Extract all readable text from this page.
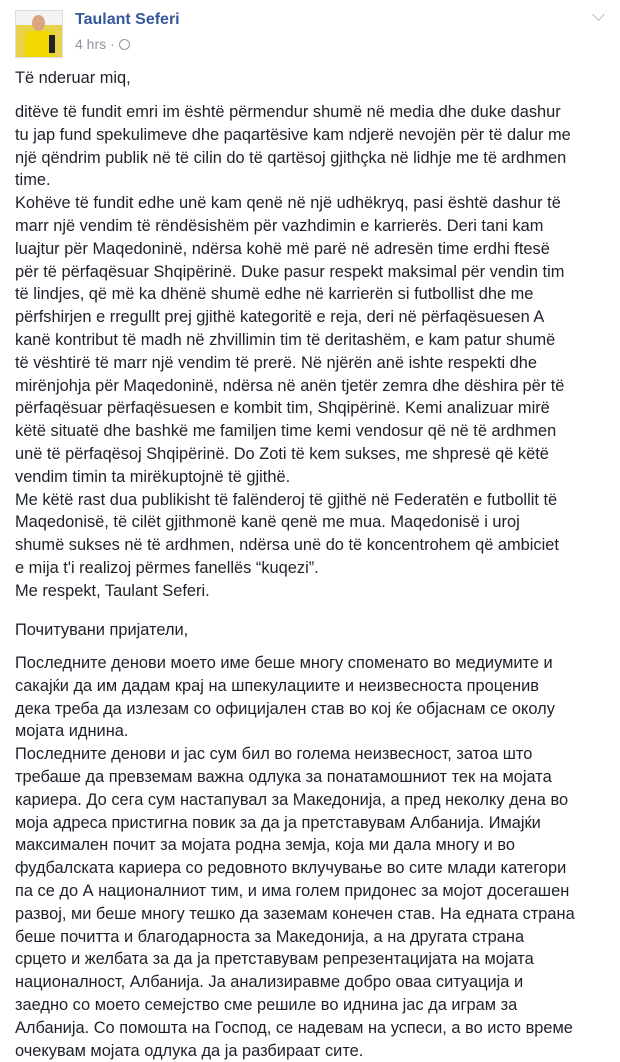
Taulant Seferi
4 hrs ·
Të nderuar miq,
ditëve të fundit emri im është përmendur shumë në media dhe duke dashur
tu jap fund spekulimeve dhe paqartësive kam ndjerë nevojën për të dalur me
një qëndrim publik në të cilin do të qartësoj gjithçka në lidhje me të ardhmen
time.
Kohëve të fundit edhe unë kam qenë në një udhëkryq, pasi është dashur të
marr një vendim të rëndësishëm për vazhdimin e karrierës. Deri tani kam
luajtur për Maqedoninë, ndërsa kohë më parë në adresën time erdhi ftesë
për të përfaqësuar Shqipërinë. Duke pasur respekt maksimal për vendin tim
të lindjes, që më ka dhënë shumë edhe në karrierën si futbollist dhe me
përfshirjen e rregullt prej gjithë kategoritë e reja, deri në përfaqësuesen A
kanë kontribut të madh në zhvillimin tim të deritashëm, e kam patur shumë
të vështirë të marr një vendim të prerë. Në njërën anë ishte respekti dhe
mirënjohja për Maqedoninë, ndërsa në anën tjetër zemra dhe dëshira për të
përfaqësuar përfaqësuesen e kombit tim, Shqipërinë. Kemi analizuar mirë
këtë situatë dhe bashkë me familjen time kemi vendosur që në të ardhmen
unë të përfaqësoj Shqipërinë. Do Zoti të kem sukses, me shpresë që këtë
vendim timin ta mirëkuptojnë të gjithë.
Me këtë rast dua publikisht të falënderoj të gjithë në Federatën e futbollit të
Maqedonisë, të cilët gjithmonë kanë qenë me mua. Maqedonisë i uroj
shumë sukses në të ardhmen, ndërsa unë do të koncentrohem që ambiciet
e mija t'i realizoj përmes fanellës “kuqezi”.
Me respekt, Taulant Seferi.
Почитувани пријатели,
Последните денови моето име беше многу споменато во медиумите и
сакајќи да им дадам крај на шпекулациите и неизвесноста проценив
дека треба да излезам со официјален став во кој ќе објаснам се околу
мојата иднина.
Последните денови и јас сум бил во голема неизвесност, затоа што
требаше да превземам важна одлука за понатамошниот тек на мојата
кариера. До сега сум настапувал за Македонија, а пред неколку дена во
моја адреса пристигна повик за да ја претставувам Албанија. Имајќи
максимален почит за мојата родна земја, која ми дала многу и во
фудбалската кариера со редовното вклучување во сите млади категори
па се до А националниот тим, и има голем придонес за мојот досегашен
развој, ми беше многу тешко да заземам конечен став. На едната страна
беше почитта и благодарноста за Македонија, а на другата страна
срцето и желбата за да ја претставувам репрезентацијата на мојата
националност, Албанија. Ја анализиравме добро оваа ситуација и
заедно со моето семејство сме решиле во иднина јас да играм за
Албанија. Со помошта на Господ, се надевам на успеси, а во исто време
очекувам мојата одлука да ја разбираат сите.
